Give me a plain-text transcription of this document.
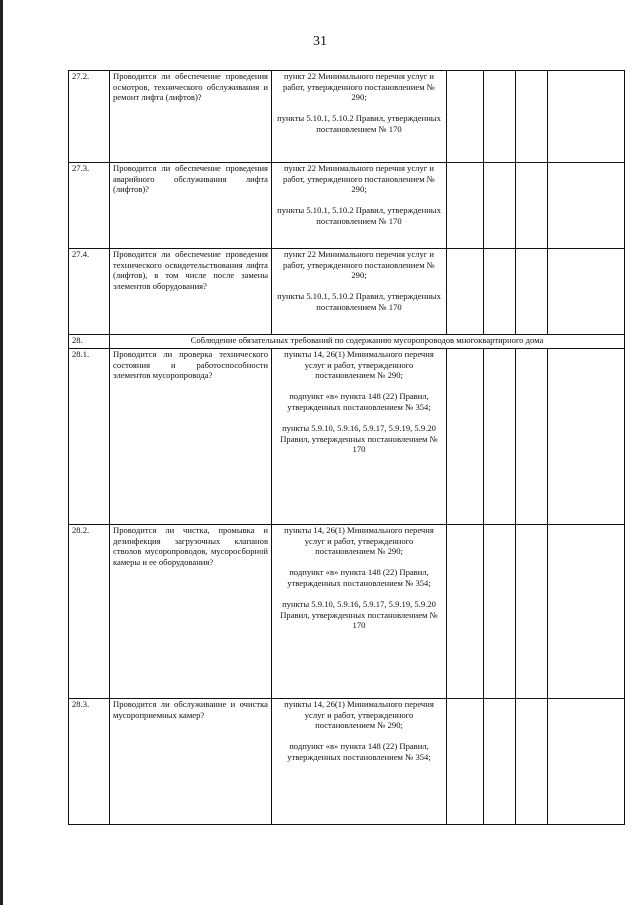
31
27.2.	Проводится ли обеспечение проведения осмотров, технического обслуживания и ремонт лифта (лифтов)?	пункт 22 Минимального перечня услуг и работ, утвержденного постановлением № 290;
пункты 5.10.1, 5.10.2 Правил, утвержденных постановлением № 170				

27.3.	Проводится ли обеспечение проведения аварийного обслуживания лифта (лифтов)?	пункт 22 Минимального перечня услуг и работ, утвержденного постановлением № 290;
пункты 5.10.1, 5.10.2 Правил, утвержденных постановлением № 170				

27.4.	Проводится ли обеспечение проведения технического освидетельствования лифта (лифтов), в том числе после замены элементов оборудования?	пункт 22 Минимального перечня услуг и работ, утвержденного постановлением № 290;
пункты 5.10.1, 5.10.2 Правил, утвержденных постановлением № 170				

28.	Соблюдение обязательных требований по содержанию мусоропроводов многоквартирного дома					
28.1.	Проводится ли проверка технического состояния и работоспособности элементов мусоропровода?	пункты 14, 26(1) Минимального перечня услуг и работ, утвержденного постановлением № 290;
подпункт «в» пункта 148 (22) Правил, утвержденных постановлением № 354;
пункты 5.9.10, 5.9.16, 5.9.17, 5.9.19, 5.9.20 Правил, утвержденных постановлением № 170				

28.2.	Проводится ли чистка, промывка и дезинфекция загрузочных клапанов стволов мусоропроводов, мусоросборной камеры и ее оборудования?	пункты 14, 26(1) Минимального перечня услуг и работ, утвержденного постановлением № 290;
подпункт «в» пункта 148 (22) Правил, утвержденных постановлением № 354;
пункты 5.9.10, 5.9.16, 5.9.17, 5.9.19, 5.9.20 Правил, утвержденных постановлением № 170				

28.3.	Проводится ли обслуживание и очистка мусороприемных камер?	пункты 14, 26(1) Минимального перечня услуг и работ, утвержденного постановлением № 290;
подпункт «в» пункта 148 (22) Правил, утвержденных постановлением № 354;				
